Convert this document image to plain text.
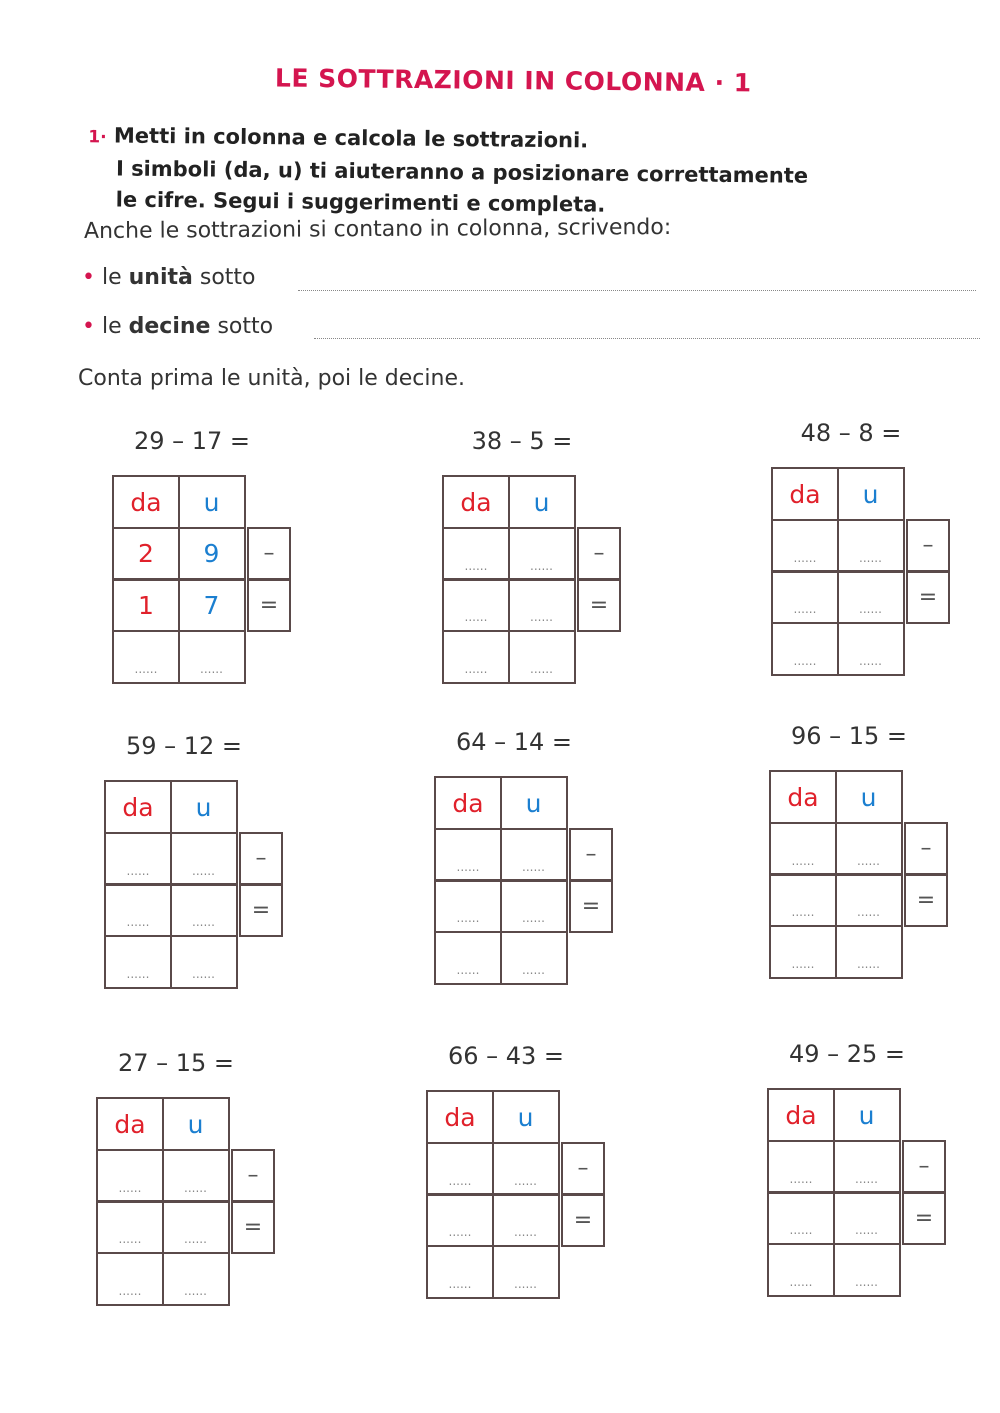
LE SOTTRAZIONI IN COLONNA · 1
1· Metti in colonna e calcola le sottrazioni.
I simboli (da, u) ti aiuteranno a posizionare correttamente
le cifre. Segui i suggerimenti e completa.
Anche le sottrazioni si contano in colonna, scrivendo:
• le unità sotto
• le decine sotto
Conta prima le unità, poi le decine.
29 – 17 =
da	u
2	9
1	7
......	......
–
=
38 – 5 =
da	u
......	......
......	......
......	......
–
=
48 – 8 =
da	u
......	......
......	......
......	......
–
=
59 – 12 =
da	u
......	......
......	......
......	......
–
=
64 – 14 =
da	u
......	......
......	......
......	......
–
=
96 – 15 =
da	u
......	......
......	......
......	......
–
=
27 – 15 =
da	u
......	......
......	......
......	......
–
=
66 – 43 =
da	u
......	......
......	......
......	......
–
=
49 – 25 =
da	u
......	......
......	......
......	......
–
=
